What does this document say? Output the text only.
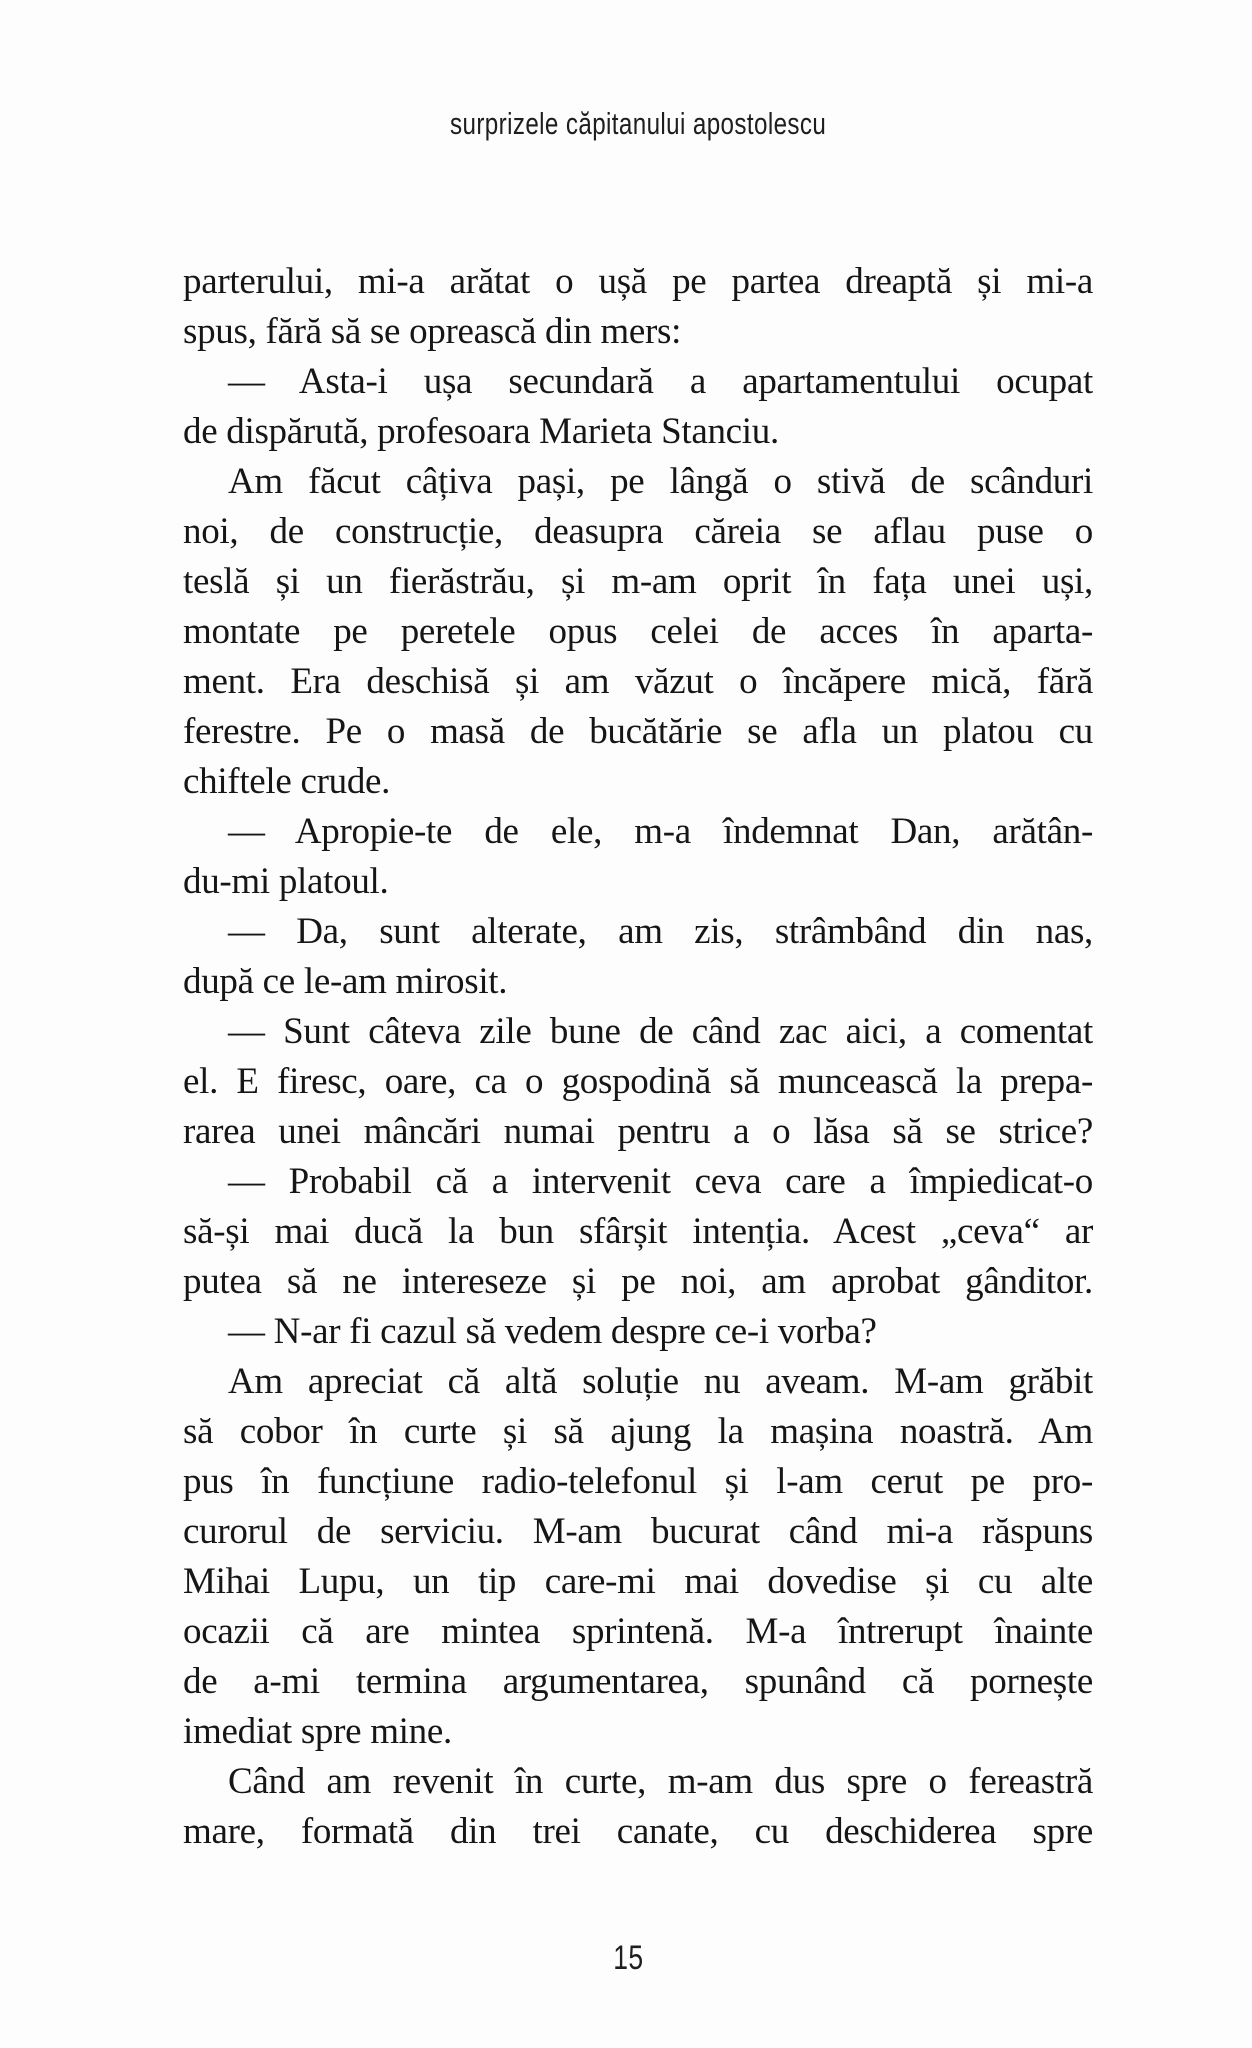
surprizele căpitanului apostolescu
parterului, mi-a arătat o ușă pe partea dreaptă și mi-a
spus, fără să se oprească din mers:
— Asta-i ușa secundară a apartamentului ocupat
de dispărută, profesoara Marieta Stanciu.
Am făcut câțiva pași, pe lângă o stivă de scânduri
noi, de construcție, deasupra căreia se aflau puse o
teslă și un fierăstrău, și m-am oprit în fața unei uși,
montate pe peretele opus celei de acces în aparta-
ment. Era deschisă și am văzut o încăpere mică, fără
ferestre. Pe o masă de bucătărie se afla un platou cu
chiftele crude.
— Apropie-te de ele, m-a îndemnat Dan, arătân-
du-mi platoul.
— Da, sunt alterate, am zis, strâmbând din nas,
după ce le-am mirosit.
— Sunt câteva zile bune de când zac aici, a comentat
el. E firesc, oare, ca o gospodină să muncească la prepa-
rarea unei mâncări numai pentru a o lăsa să se strice?
— Probabil că a intervenit ceva care a împiedicat-o
să-și mai ducă la bun sfârșit intenția. Acest „ceva“ ar
putea să ne intereseze și pe noi, am aprobat gânditor.
— N-ar fi cazul să vedem despre ce-i vorba?
Am apreciat că altă soluție nu aveam. M-am grăbit
să cobor în curte și să ajung la mașina noastră. Am
pus în funcțiune radio-telefonul și l-am cerut pe pro-
curorul de serviciu. M-am bucurat când mi-a răspuns
Mihai Lupu, un tip care-mi mai dovedise și cu alte
ocazii că are mintea sprintenă. M-a întrerupt înainte
de a-mi termina argumentarea, spunând că pornește
imediat spre mine.
Când am revenit în curte, m-am dus spre o fereastră
mare, formată din trei canate, cu deschiderea spre
15
